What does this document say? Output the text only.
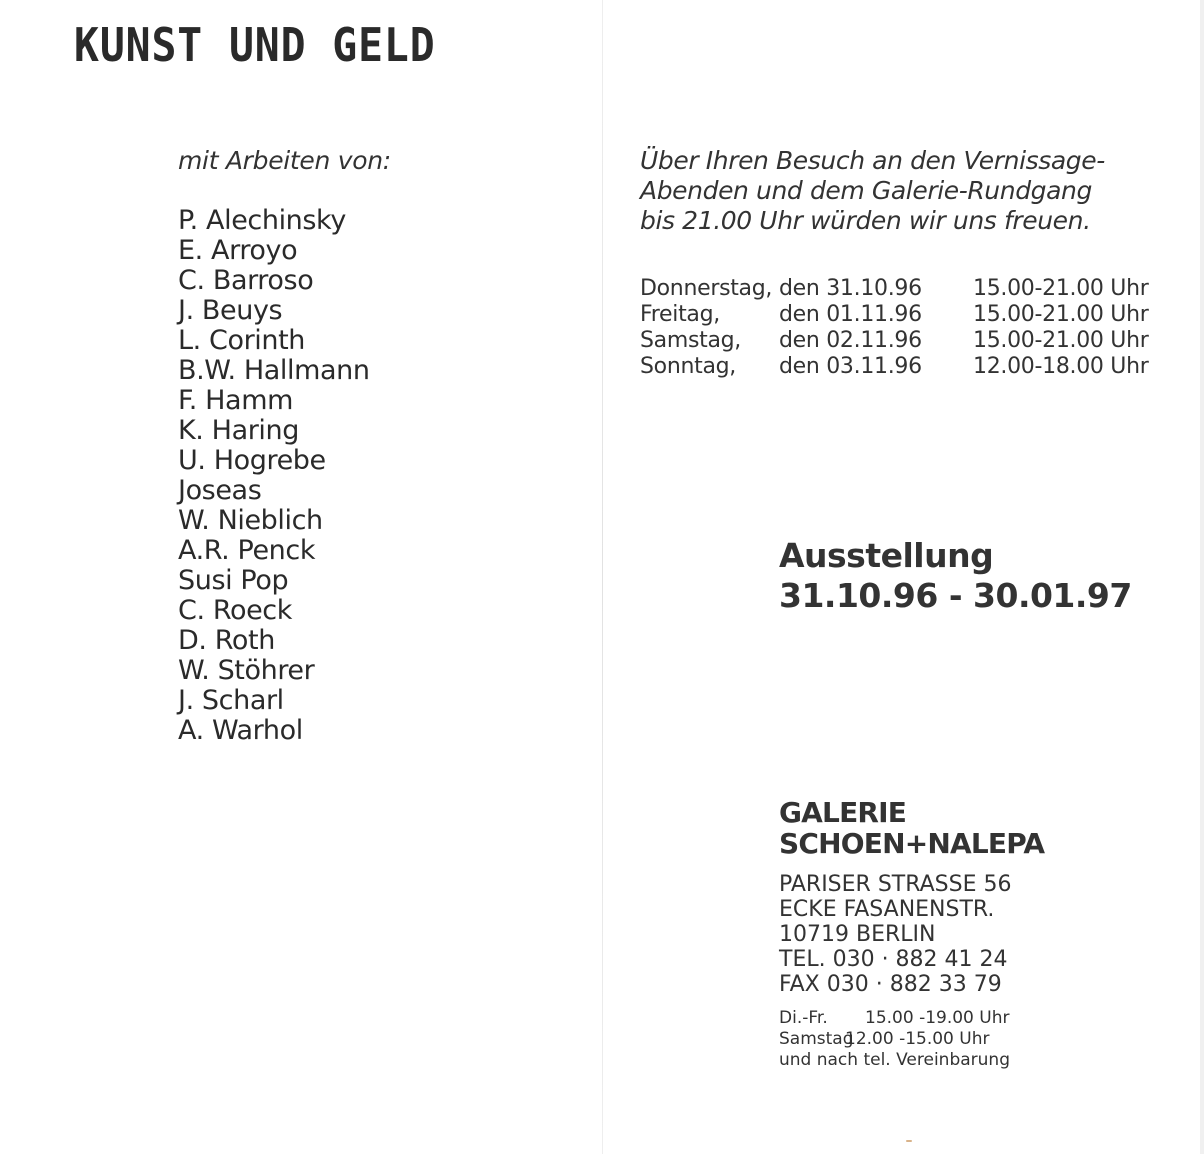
KUNST UND GELD
mit Arbeiten von:
P. Alechinsky
E. Arroyo
C. Barroso
J. Beuys
L. Corinth
B.W. Hallmann
F. Hamm
K. Haring
U. Hogrebe
Joseas
W. Nieblich
A.R. Penck
Susi Pop
C. Roeck
D. Roth
W. Stöhrer
J. Scharl
A. Warhol
Über Ihren Besuch an den Vernissage-
Abenden und dem Galerie-Rundgang
bis 21.00 Uhr würden wir uns freuen.
Donnerstag, den 31.10.96 15.00-21.00 Uhr
Freitag,	den 01.11.96 15.00-21.00 Uhr
Samstag, den 02.11.96 15.00-21.00 Uhr
Sonntag, den 03.11.96 12.00-18.00 Uhr
Ausstellung
31.10.96 - 30.01.97
GALERIE
SCHOEN+NALEPA
PARISER STRASSE 56
ECKE FASANENSTR.
10719 BERLIN
TEL. 030 · 882 41 24
FAX 030 · 882 33 79
Di.-Fr. 15.00 -19.00 Uhr
Samstag
12.00 -15.00 Uhr
und nach tel. Vereinbarung
